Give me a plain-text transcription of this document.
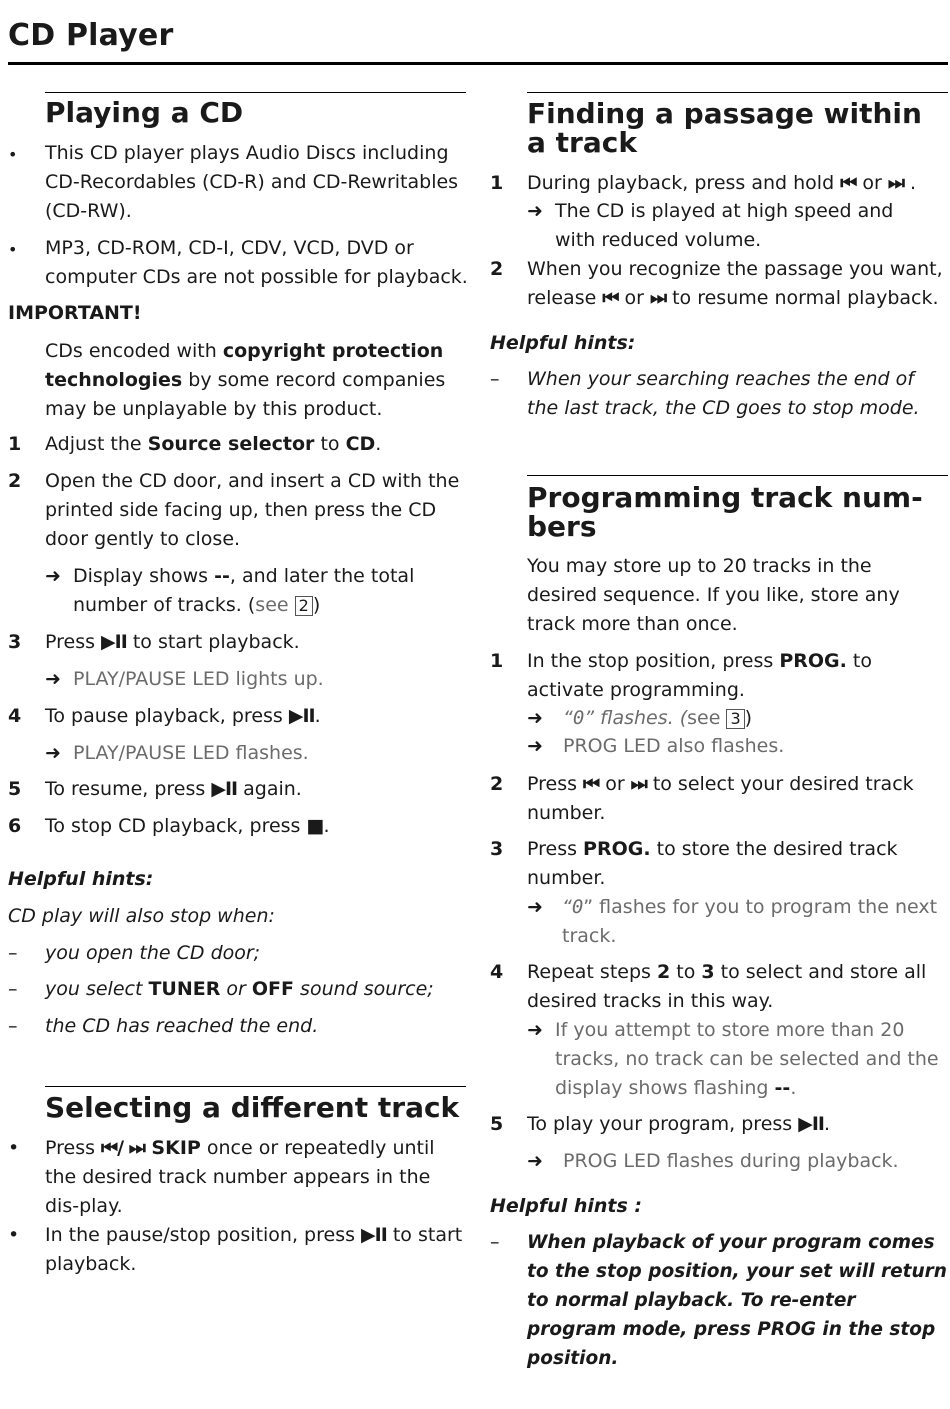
CD Player
Playing a CD
• This CD player plays Audio Discs including CD-Recordables (CD-R) and CD-Rewritables (CD-RW).
• MP3, CD-ROM, CD-I, CDV, VCD, DVD or computer CDs are not possible for playback.
IMPORTANT!
CDs encoded with copyright protection technologies by some record companies may be unplayable by this product.
1 Adjust the Source selector to CD.
2 Open the CD door, and insert a CD with the printed side facing up, then press the CD door gently to close.
➜ Display shows --, and later the total number of tracks. (see 2 )
3 Press ▶II to start playback.
➜ PLAY/PAUSE LED lights up.
4 To pause playback, press ▶II.
➜ PLAY/PAUSE LED flashes.
5 To resume, press ▶II again.
6 To stop CD playback, press ■.
Helpful hints:
CD play will also stop when:
– you open the CD door;
– you select TUNER or OFF sound source;
– the CD has reached the end.
Selecting a different track
• Press ⏮/ ⏭ SKIP once or repeatedly until the desired track number appears in the dis-play.
• In the pause/stop position, press ▶II to start playback.
Finding a passage within a track
1 During playback, press and hold ⏮ or ⏭ .
➜ The CD is played at high speed and with reduced volume.
2 When you recognize the passage you want, release ⏮ or ⏭ to resume normal playback.
Helpful hints:
– When your searching reaches the end of the last track, the CD goes to stop mode.
Programming track num-bers
You may store up to 20 tracks in the desired sequence. If you like, store any track more than once.
1 In the stop position, press PROG. to activate programming.
➜ “0” flashes. (see 3 )
➜ PROG LED also flashes.
2 Press ⏮ or ⏭ to select your desired track number.
3 Press PROG. to store the desired track number.
➜ “0” flashes for you to program the next track.
4 Repeat steps 2 to 3 to select and store all desired tracks in this way.
➜ If you attempt to store more than 20 tracks, no track can be selected and the display shows flashing --.
5 To play your program, press ▶II.
➜ PROG LED flashes during playback.
Helpful hints :
– When playback of your program comes to the stop position, your set will return to normal playback. To re-enter program mode, press PROG in the stop position.
